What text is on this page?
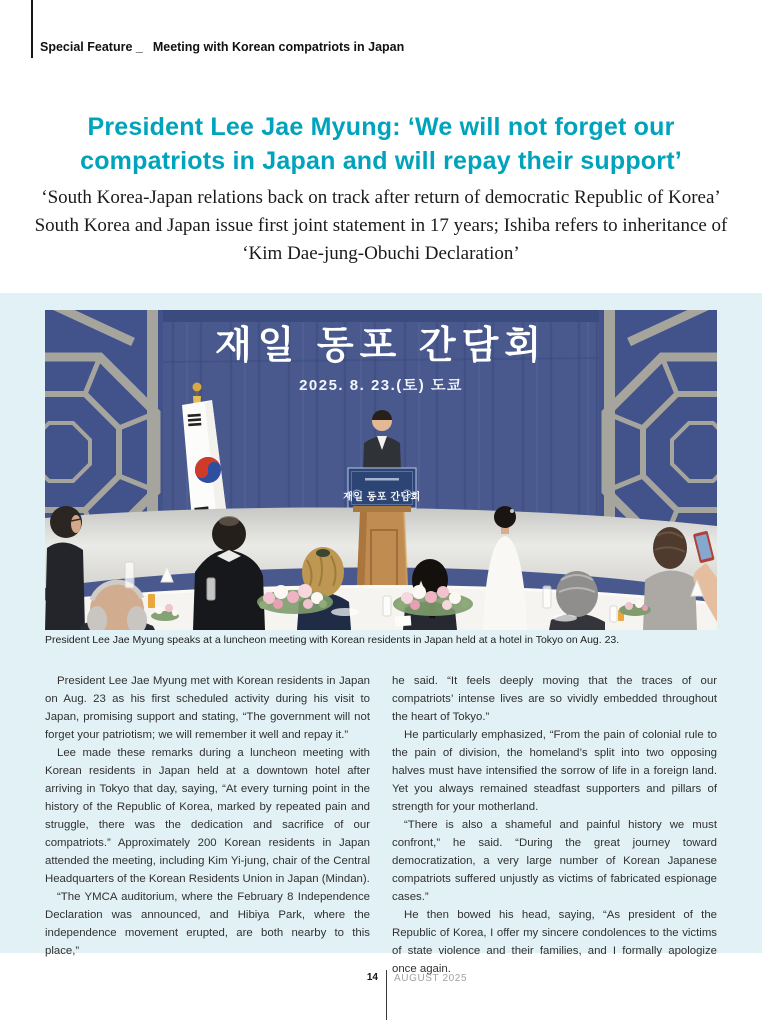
Special Feature _ Meeting with Korean compatriots in Japan
President Lee Jae Myung: ‘We will not forget our
compatriots in Japan and will repay their support’
‘South Korea-Japan relations back on track after return of democratic Republic of Korea’ South Korea and Japan issue first joint statement in 17 years; Ishiba refers to inheritance of ‘Kim Dae-jung-Obuchi Declaration’
재일 동포 간담회
2025. 8. 23.(토) 도쿄
재일 동포 간담회
President Lee Jae Myung speaks at a luncheon meeting with Korean residents in Japan held at a hotel in Tokyo on Aug. 23.

President Lee Jae Myung met with Korean residents in Japan on Aug. 23 as his first scheduled activity during his visit to Japan, promising support and stating, “The government will not forget your patriotism; we will remember it well and repay it.”

Lee made these remarks during a luncheon meeting with Korean residents in Japan held at a downtown hotel after arriving in Tokyo that day, saying, “At every turning point in the history of the Republic of Korea, marked by repeated pain and struggle, there was the dedication and sacrifice of our compatriots.” Approximately 200 Korean residents in Japan attended the meeting, including Kim Yi-jung, chair of the Central Headquarters of the Korean Residents Union in Japan (Mindan).

“The YMCA auditorium, where the February 8 Independence Declaration was announced, and Hibiya Park, where the independence movement erupted, are both nearby to this place,”

he said. “It feels deeply moving that the traces of our compatriots’ intense lives are so vividly embedded throughout the heart of Tokyo.”

He particularly emphasized, “From the pain of colonial rule to the pain of division, the homeland’s split into two opposing halves must have intensified the sorrow of life in a foreign land. Yet you always remained steadfast supporters and pillars of strength for your motherland.

“There is also a shameful and painful history we must confront,” he said. “During the great journey toward democratization, a very large number of Korean Japanese compatriots suffered unjustly as victims of fabricated espionage cases.”

He then bowed his head, saying, “As president of the Republic of Korea, I offer my sincere condolences to the victims of state violence and their families, and I formally apologize once again.

14 AUGUST 2025
